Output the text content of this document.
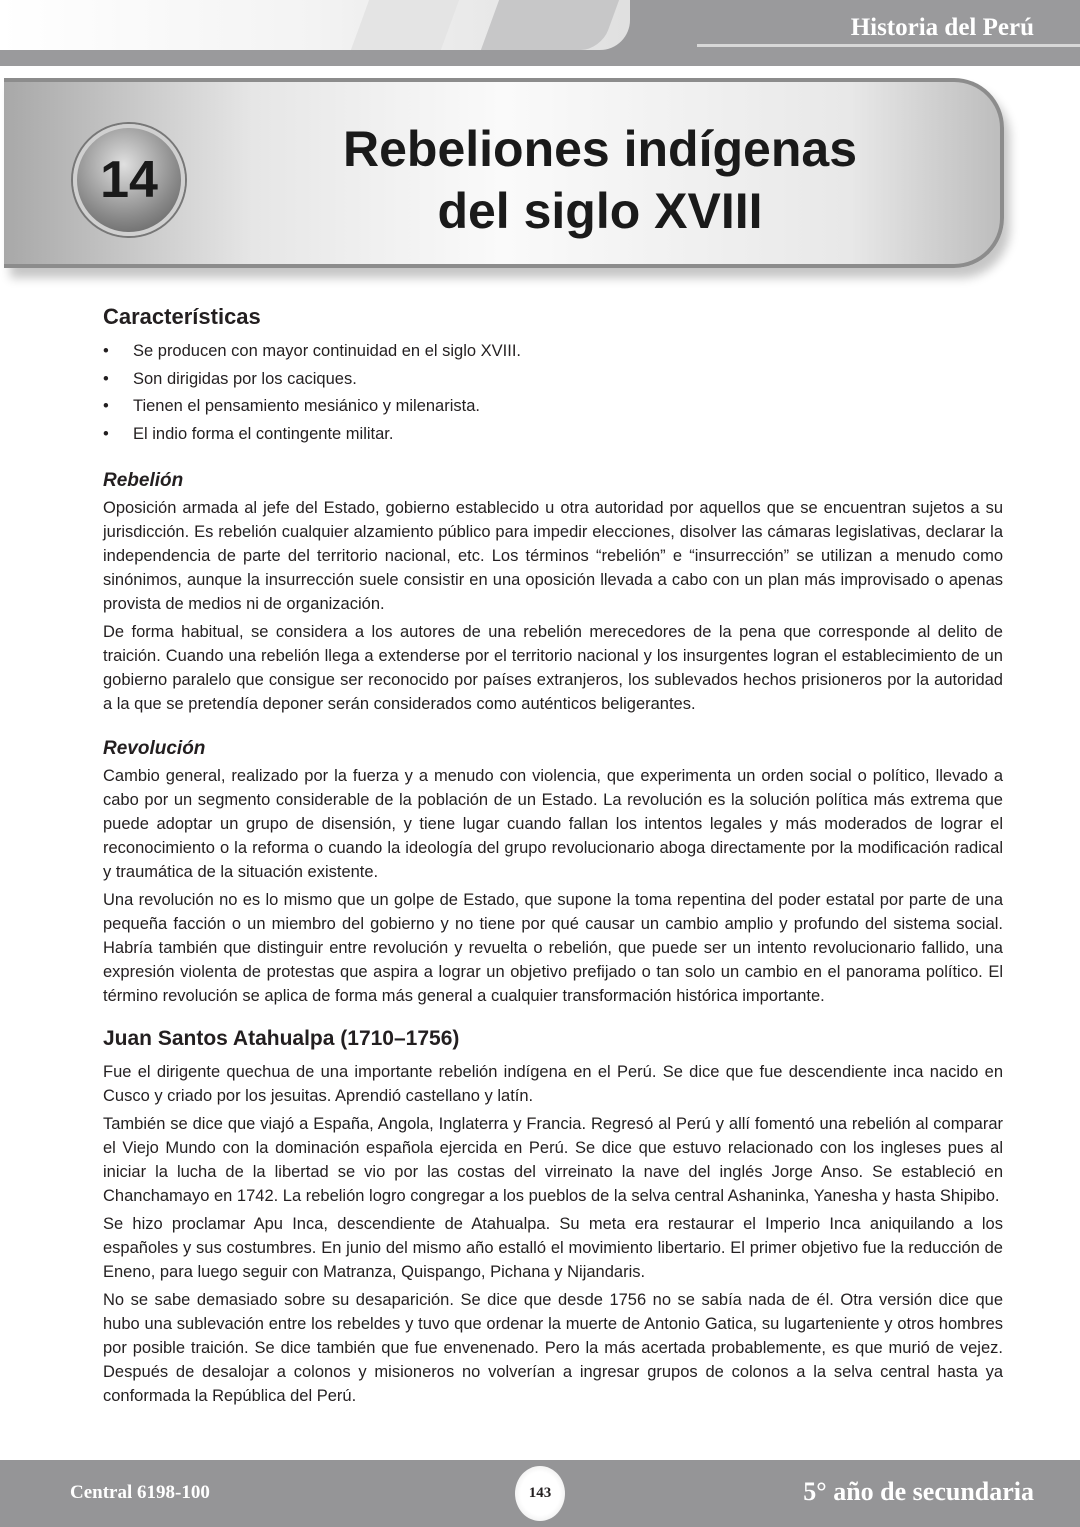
Historia del Perú
14
Rebeliones indígenas
del siglo XVIII
Características
• Se producen con mayor continuidad en el siglo XVIII.
• Son dirigidas por los caciques.
• Tienen el pensamiento mesiánico y milenarista.
• El indio forma el contingente militar.
Rebelión

Oposición armada al jefe del Estado, gobierno establecido u otra autoridad por aquellos que se encuentran sujetos a su jurisdicción. Es rebelión cualquier alzamiento público para impedir elecciones, disolver las cámaras legislativas, declarar la independencia de parte del territorio nacional, etc. Los términos “rebelión” e “insurrección” se utilizan a menudo como sinónimos, aunque la insurrección suele consistir en una oposición llevada a cabo con un plan más improvisado o apenas provista de medios ni de organización.

De forma habitual, se considera a los autores de una rebelión merecedores de la pena que corresponde al delito de traición. Cuando una rebelión llega a extenderse por el territorio nacional y los insurgentes logran el establecimiento de un gobierno paralelo que consigue ser reconocido por países extranjeros, los sublevados hechos prisioneros por la autoridad a la que se pretendía deponer serán considerados como auténticos beligerantes.

Revolución

Cambio general, realizado por la fuerza y a menudo con violencia, que experimenta un orden social o político, llevado a cabo por un segmento considerable de la población de un Estado. La revolución es la solución política más extrema que puede adoptar un grupo de disensión, y tiene lugar cuando fallan los intentos legales y más moderados de lograr el reconocimiento o la reforma o cuando la ideología del grupo revolucionario aboga directamente por la modificación radical y traumática de la situación existente.

Una revolución no es lo mismo que un golpe de Estado, que supone la toma repentina del poder estatal por parte de una pequeña facción o un miembro del gobierno y no tiene por qué causar un cambio amplio y profundo del sistema social. Habría también que distinguir entre revolución y revuelta o rebelión, que puede ser un intento revolucionario fallido, una expresión violenta de protestas que aspira a lograr un objetivo prefijado o tan solo un cambio en el panorama político. El término revolución se aplica de forma más general a cualquier transformación histórica importante.

Juan Santos Atahualpa (1710–1756)

Fue el dirigente quechua de una importante rebelión indígena en el Perú. Se dice que fue descendiente inca nacido en Cusco y criado por los jesuitas. Aprendió castellano y latín.

También se dice que viajó a España, Angola, Inglaterra y Francia. Regresó al Perú y allí fomentó una rebelión al comparar el Viejo Mundo con la dominación española ejercida en Perú. Se dice que estuvo relacionado con los ingleses pues al iniciar la lucha de la libertad se vio por las costas del virreinato la nave del inglés Jorge Anso. Se estableció en Chanchamayo en 1742. La rebelión logro congregar a los pueblos de la selva central Ashaninka, Yanesha y hasta Shipibo.

Se hizo proclamar Apu Inca, descendiente de Atahualpa. Su meta era restaurar el Imperio Inca aniquilando a los españoles y sus costumbres. En junio del mismo año estalló el movimiento libertario. El primer objetivo fue la reducción de Eneno, para luego seguir con Matranza, Quispango, Pichana y Nijandaris.

No se sabe demasiado sobre su desaparición. Se dice que desde 1756 no se sabía nada de él. Otra versión dice que hubo una sublevación entre los rebeldes y tuvo que ordenar la muerte de Antonio Gatica, su lugarteniente y otros hombres por posible traición. Se dice también que fue envenenado. Pero la más acertada probablemente, es que murió de vejez. Después de desalojar a colonos y misioneros no volverían a ingresar grupos de colonos a la selva central hasta ya conformada la República del Perú.

Central 6198-100	143	5° año de secundaria
